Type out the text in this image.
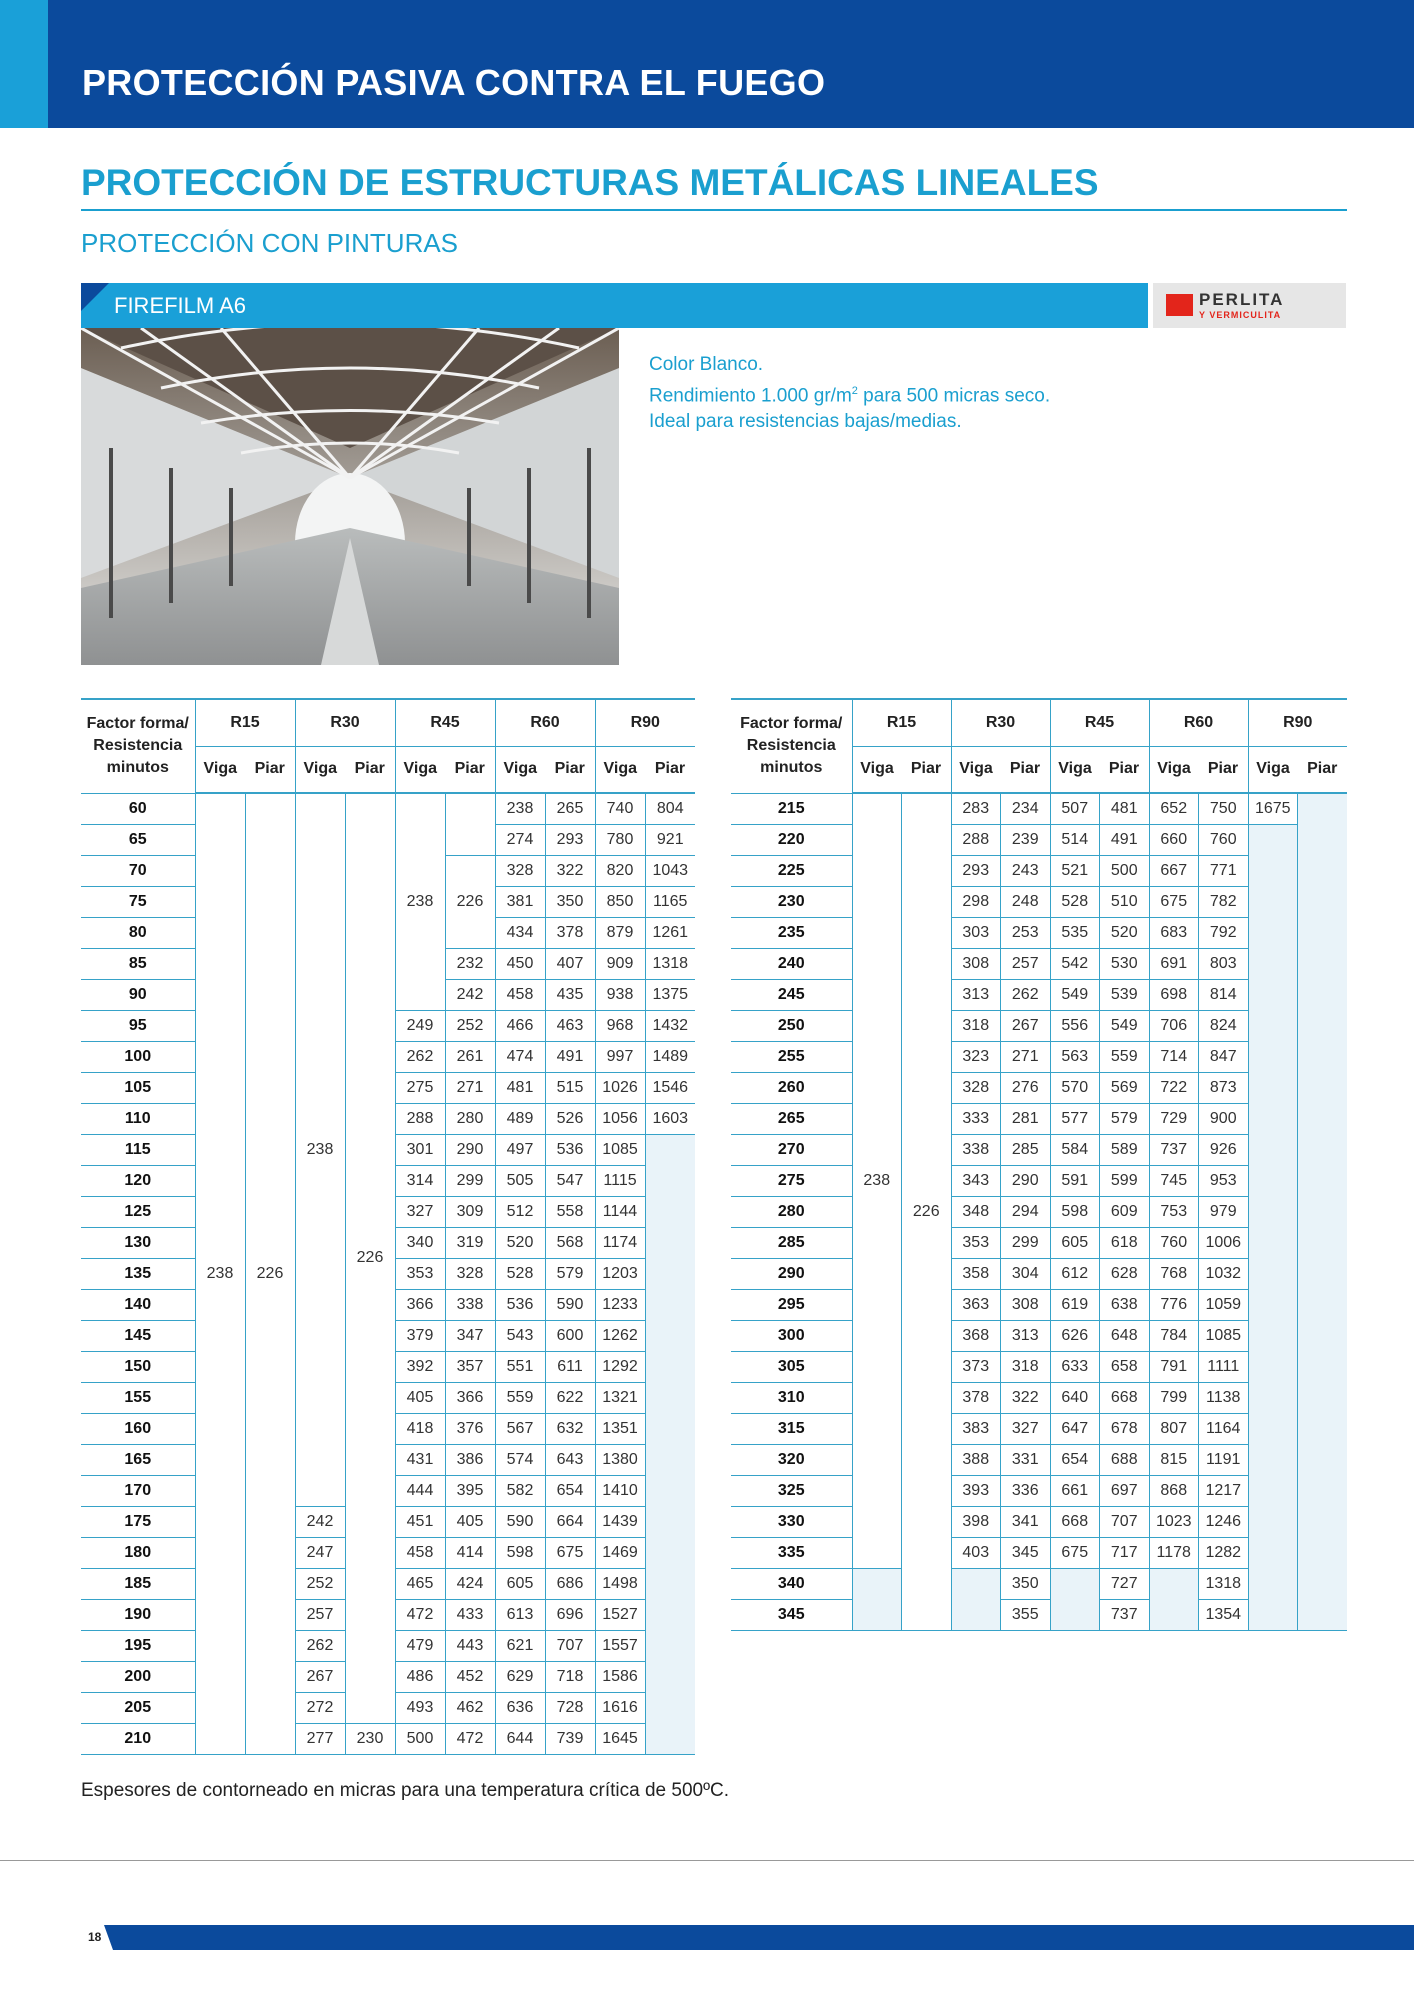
PROTECCIÓN PASIVA CONTRA EL FUEGO
PROTECCIÓN DE ESTRUCTURAS METÁLICAS LINEALES
PROTECCIÓN CON PINTURAS
FIREFILM A6	PERLITA
Y VERMICULITA
Color Blanco.
Rendimiento 1.000 $gr/m^2$ para 500 micras seco.
Ideal para resistencias bajas/medias.
Factor forma/
Resistencia
minutos	R15		R30		R45		R60		R90	
	Viga	Piar	Viga	Piar	Viga	Piar	Viga	Piar	Viga	Piar
60	238	226	238	226	238		238	265	740	804
65							274	293	780	921
70						226	328	322	820	1043
75							381	350	850	1165
80							434	378	879	1261
85						232	450	407	909	1318
90						242	458	435	938	1375
95					249	252	466	463	968	1432
100					262	261	474	491	997	1489
105					275	271	481	515	1026	1546
110					288	280	489	526	1056	1603
115					301	290	497	536	1085	
120					314	299	505	547	1115	
125					327	309	512	558	1144	
130					340	319	520	568	1174	
135					353	328	528	579	1203	
140					366	338	536	590	1233	
145					379	347	543	600	1262	
150					392	357	551	611	1292	
155					405	366	559	622	1321	
160					418	376	567	632	1351	
165					431	386	574	643	1380	
170					444	395	582	654	1410	
175			242		451	405	590	664	1439	
180			247		458	414	598	675	1469	
185			252		465	424	605	686	1498	
190			257		472	433	613	696	1527	
195			262		479	443	621	707	1557	
200			267		486	452	629	718	1586	
205			272		493	462	636	728	1616	
210			277	230	500	472	644	739	1645	
Factor forma/
Resistencia
minutos	R15		R30		R45		R60		R90	
	Viga	Piar	Viga	Piar	Viga	Piar	Viga	Piar	Viga	Piar
215	238	226	283	234	507	481	652	750	1675	
220			288	239	514	491	660	760		
225			293	243	521	500	667	771		
230			298	248	528	510	675	782		
235			303	253	535	520	683	792		
240			308	257	542	530	691	803		
245			313	262	549	539	698	814		
250			318	267	556	549	706	824		
255			323	271	563	559	714	847		
260			328	276	570	569	722	873		
265			333	281	577	579	729	900		
270			338	285	584	589	737	926		
275			343	290	591	599	745	953		
280			348	294	598	609	753	979		
285			353	299	605	618	760	1006		
290			358	304	612	628	768	1032		
295			363	308	619	638	776	1059		
300			368	313	626	648	784	1085		
305			373	318	633	658	791	1111		
310			378	322	640	668	799	1138		
315			383	327	647	678	807	1164		
320			388	331	654	688	815	1191		
325			393	336	661	697	868	1217		
330			398	341	668	707	1023	1246		
335			403	345	675	717	1178	1282		
340				350		727		1318		
345				355		737		1354		
Espesores de contorneado en micras para una temperatura crítica de 500ºC.
18
